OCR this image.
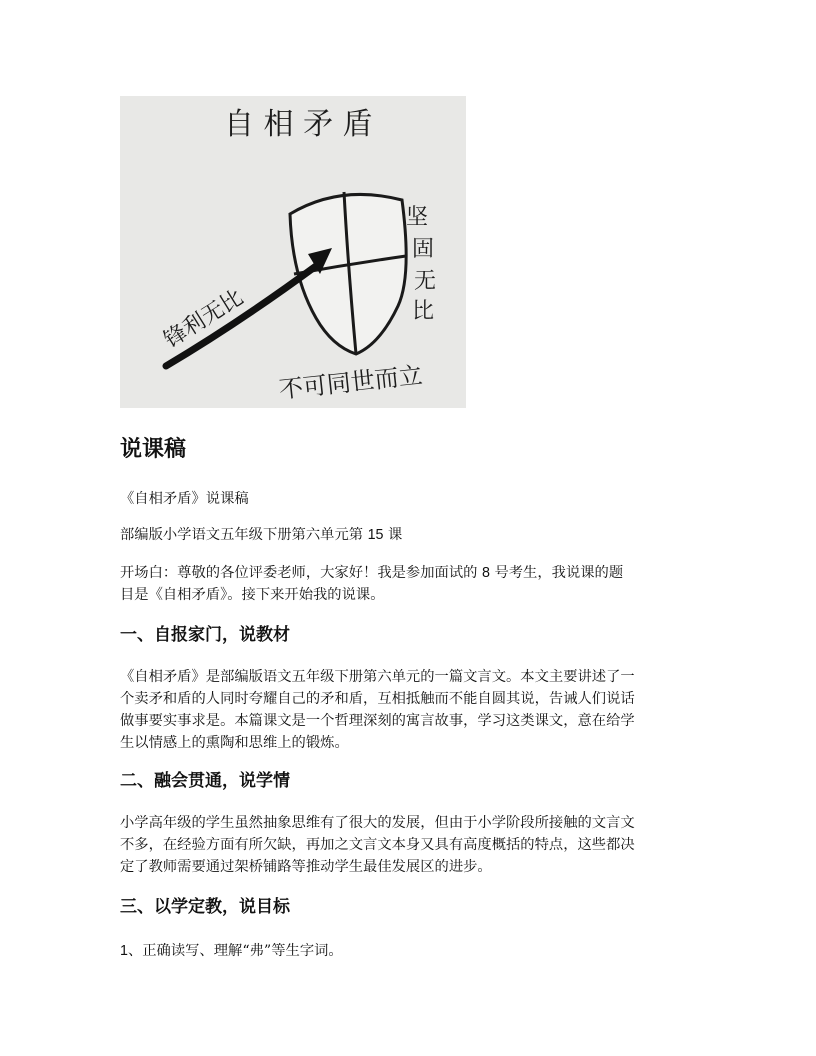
自 相 矛 盾
锋利无比
坚
固
无
比
不可同世而立
说课稿

《自相矛盾》说课稿

部编版小学语文五年级下册第六单元第 15 课

开场白：尊敬的各位评委老师，大家好！我是参加面试的 8 号考生，我说课的题
目是《自相矛盾》。接下来开始我的说课。

一、自报家门，说教材

《自相矛盾》是部编版语文五年级下册第六单元的一篇文言文。本文主要讲述了一
个卖矛和盾的人同时夸耀自己的矛和盾，互相抵触而不能自圆其说，告诫人们说话
做事要实事求是。本篇课文是一个哲理深刻的寓言故事，学习这类课文，意在给学
生以情感上的熏陶和思维上的锻炼。

二、融会贯通，说学情

小学高年级的学生虽然抽象思维有了很大的发展，但由于小学阶段所接触的文言文
不多，在经验方面有所欠缺，再加之文言文本身又具有高度概括的特点，这些都决
定了教师需要通过架桥铺路等推动学生最佳发展区的进步。

三、以学定教，说目标

1、正确读写、理解“弗”等生字词。
